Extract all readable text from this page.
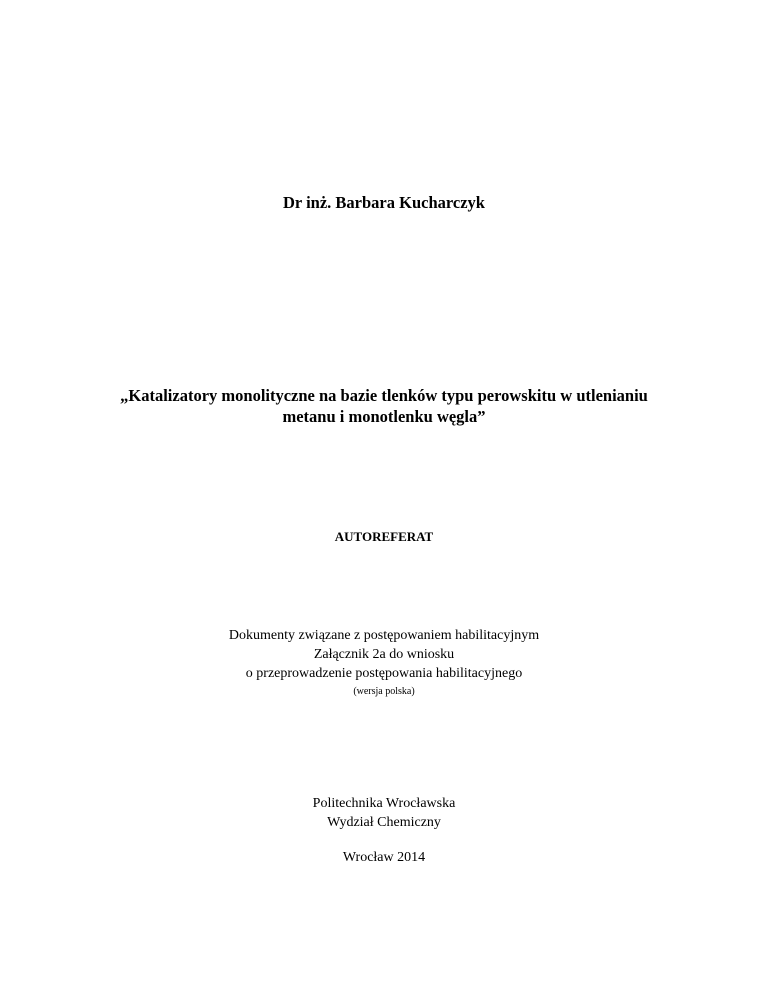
Dr inż. Barbara Kucharczyk
„Katalizatory monolityczne na bazie tlenków typu perowskitu w utlenianiu
metanu i monotlenku węgla”
AUTOREFERAT
Dokumenty związane z postępowaniem habilitacyjnym
Załącznik 2a do wniosku
o przeprowadzenie postępowania habilitacyjnego
(wersja polska)
Politechnika Wrocławska
Wydział Chemiczny
Wrocław 2014
